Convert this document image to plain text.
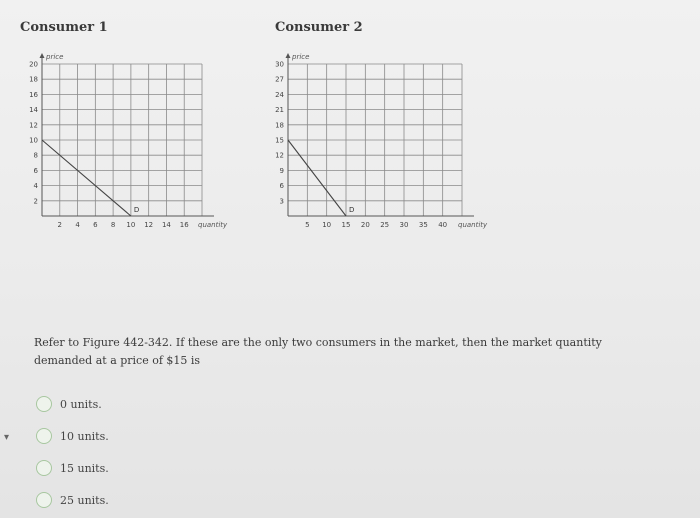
Consumer 1	Consumer 2
2
4
6
8
10
12
14
16
18
20
2 4 6 8 10 12 14 16
price
quantity
D
3
6
9
12
15
18
21
24
27
30
5 10 15 20 25 30 35 40
price
quantity
D
Refer to Figure 442-342. If these are the only two consumers in the market, then the market quantity demanded at a price of $15 is
0 units.
10 units.
15 units.
25 units.
▾
